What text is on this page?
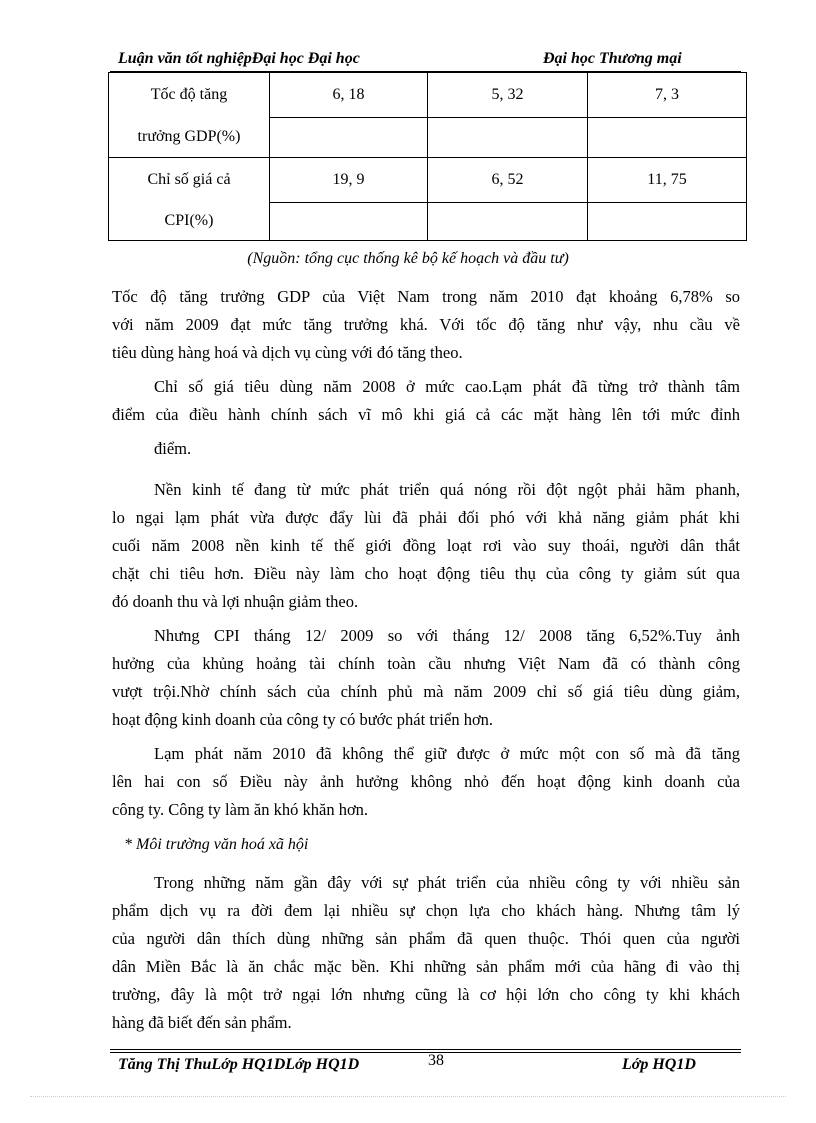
Luận văn tốt nghiệpĐại học Đại học	Đại học Thương mại
Tốc độ tăng	6, 18	5, 32	7, 3
trưởng GDP(%)			
Chỉ số giá cả	19, 9	6, 52	11, 75
CPI(%)			
(Nguồn: tổng cục thống kê bộ kế hoạch và đầu tư)
Tốc độ tăng trưởng GDP của Việt Nam trong năm 2010 đạt khoảng 6,78% so
với năm 2009 đạt mức tăng trưởng khá. Với tốc độ tăng như vậy, nhu cầu về
tiêu dùng hàng hoá và dịch vụ cùng với đó tăng theo.
Chỉ số giá tiêu dùng năm 2008 ở mức cao.Lạm phát đã từng trở thành tâm
điểm của điều hành chính sách vĩ mô khi giá cả các mặt hàng lên tới mức đỉnh
điểm.
Nền kinh tế đang từ mức phát triển quá nóng rồi đột ngột phải hãm phanh,
lo ngại lạm phát vừa được đẩy lùi đã phải đối phó với khả năng giảm phát khi
cuối năm 2008 nền kinh tế thế giới đồng loạt rơi vào suy thoái, người dân thắt
chặt chi tiêu hơn. Điều này làm cho hoạt động tiêu thụ của công ty giảm sút qua
đó doanh thu và lợi nhuận giảm theo.
Nhưng CPI tháng 12/ 2009 so với tháng 12/ 2008 tăng 6,52%.Tuy ảnh
hưởng của khủng hoảng tài chính toàn cầu nhưng Việt Nam đã có thành công
vượt trội.Nhờ chính sách của chính phủ mà năm 2009 chỉ số giá tiêu dùng giảm,
hoạt động kinh doanh của công ty có bước phát triển hơn.
Lạm phát năm 2010 đã không thể giữ được ở mức một con số mà đã tăng
lên hai con số Điều này ảnh hưởng không nhỏ đến hoạt động kinh doanh của
công ty. Công ty làm ăn khó khăn hơn.
* Môi trường văn hoá xã hội
Trong những năm gần đây với sự phát triển của nhiều công ty với nhiều sản
phẩm dịch vụ ra đời đem lại nhiều sự chọn lựa cho khách hàng. Nhưng tâm lý
của người dân thích dùng những sản phẩm đã quen thuộc. Thói quen của người
dân Miền Bắc là ăn chắc mặc bền. Khi những sản phẩm mới của hãng đi vào thị
trường, đây là một trở ngại lớn nhưng cũng là cơ hội lớn cho công ty khi khách
hàng đã biết đến sản phẩm.
Tăng Thị ThuLớp HQ1DLớp HQ1D	38	Lớp HQ1D
